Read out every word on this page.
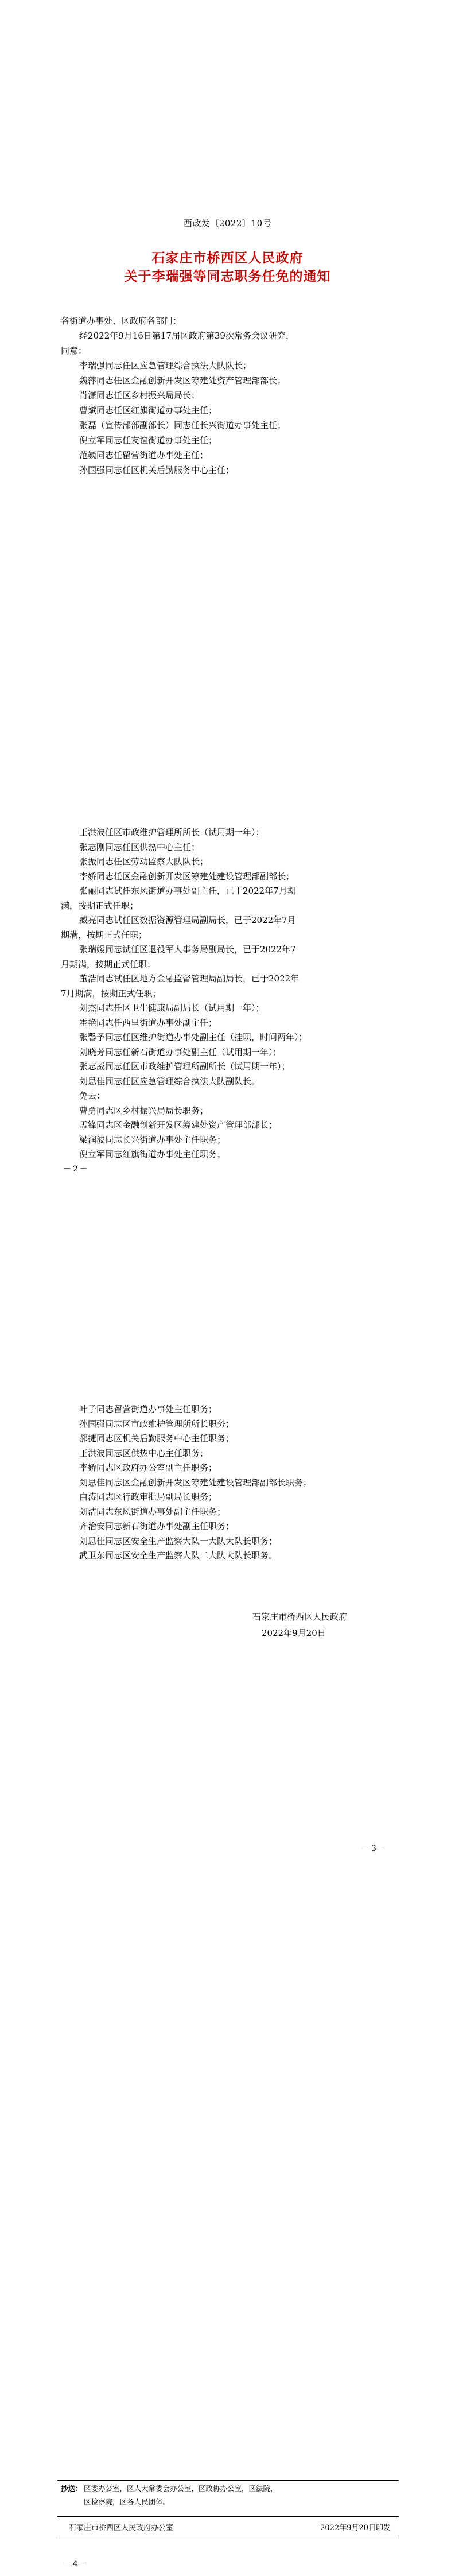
西政发〔2022〕10号
石家庄市桥西区人民政府
关于李瑞强等同志职务任免的通知
各街道办事处、区政府各部门：
经2022年9月16日第17届区政府第39次常务会议研究，
同意：
李瑞强同志任区应急管理综合执法大队队长；
魏萍同志任区金融创新开发区筹建处资产管理部部长；
肖潇同志任区乡村振兴局局长；
曹斌同志任区红旗街道办事处主任；
张磊（宣传部部副部长）同志任长兴街道办事处主任；
倪立军同志任友谊街道办事处主任；
范巍同志任留营街道办事处主任；
孙国强同志任区机关后勤服务中心主任；
王洪波任区市政维护管理所所长（试用期一年）；
张志刚同志任区供热中心主任；
张振同志任区劳动监察大队队长；
李娇同志任区金融创新开发区筹建处建设管理部副部长；
张丽同志试任东风街道办事处副主任，已于2022年7月期
满，按期正式任职；
臧亮同志试任区数据资源管理局副局长，已于2022年7月
期满，按期正式任职；
张瑞媛同志试任区退役军人事务局副局长，已于2022年7
月期满，按期正式任职；
董浩同志试任区地方金融监督管理局副局长，已于2022年
7月期满，按期正式任职；
刘杰同志任区卫生健康局副局长（试用期一年）；
霍艳同志任西里街道办事处副主任；
张馨予同志任区维护街道办事处副主任（挂职，时间两年）；
刘晓芳同志任新石街道办事处副主任（试用期一年）；
张志威同志任区市政维护管理所副所长（试用期一年）；
刘思佳同志任区应急管理综合执法大队副队长。
免去：
曹勇同志区乡村振兴局局长职务；
孟锋同志区金融创新开发区筹建处资产管理部部长；
梁润波同志长兴街道办事处主任职务；
倪立军同志红旗街道办事处主任职务；
－2－
叶子同志留营街道办事处主任职务；
孙国强同志区市政维护管理所所长职务；
郝捷同志区机关后勤服务中心主任职务；
王洪波同志区供热中心主任职务；
李娇同志区政府办公室副主任职务；
刘思佳同志区金融创新开发区筹建处建设管理部副部长职务；
白涛同志区行政审批局副局长职务；
刘洁同志东风街道办事处副主任职务；
齐治安同志新石街道办事处副主任职务；
刘思佳同志区安全生产监察大队一大队大队长职务；
武卫东同志区安全生产监察大队二大队大队长职务。
石家庄市桥西区人民政府
2022年9月20日
－3－
抄送： 区委办公室，区人大常委会办公室，区政协办公室，区法院，
区检察院，区各人民团体。
石家庄市桥西区人民政府办公室	2022年9月20日印发
－4－
